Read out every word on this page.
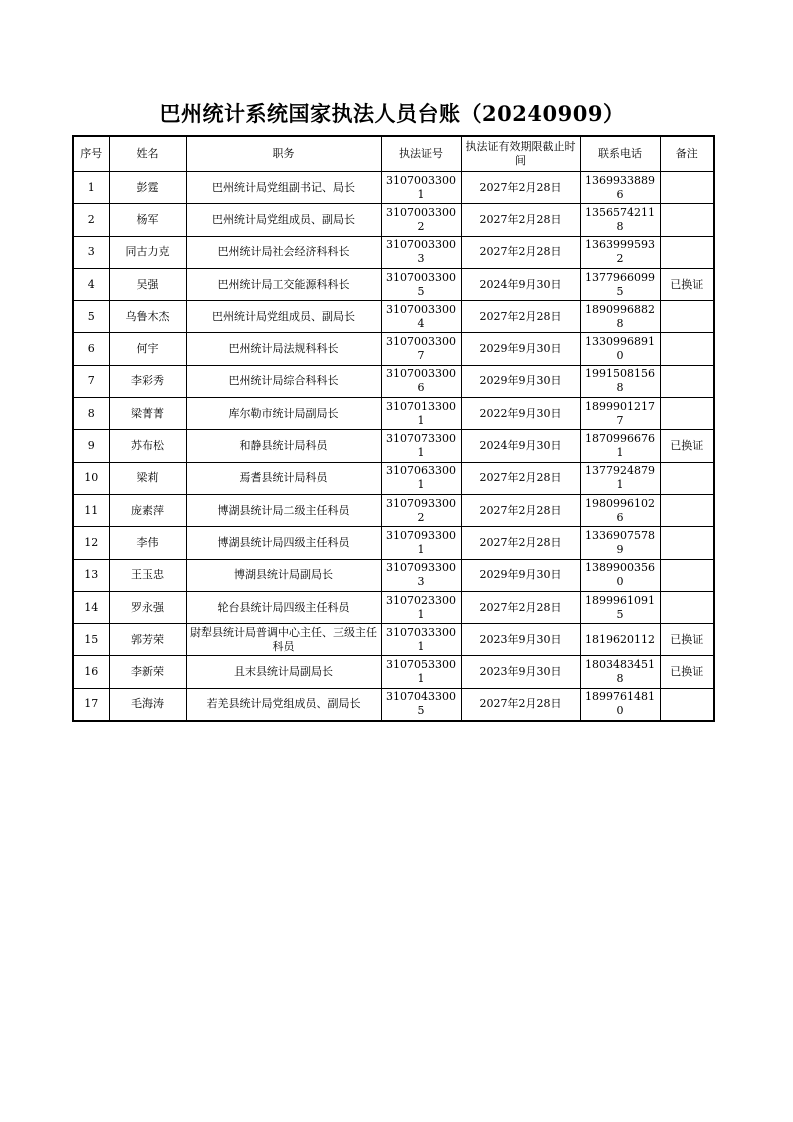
巴州统计系统国家执法人员台账（20240909）
序号	姓名	职务	执法证号	执法证有效期限截止时间	联系电话	备注
1	彭霆	巴州统计局党组副书记、局长	31070033001	2027年2月28日	13699338896	
2	杨军	巴州统计局党组成员、副局长	31070033002	2027年2月28日	13565742118	
3	同古力克	巴州统计局社会经济科科长	31070033003	2027年2月28日	13639995932	
4	吴强	巴州统计局工交能源科科长	31070033005	2024年9月30日	13779660995	已换证
5	乌鲁木杰	巴州统计局党组成员、副局长	31070033004	2027年2月28日	18909968828	
6	何宇	巴州统计局法规科科长	31070033007	2029年9月30日	13309968910	
7	李彩秀	巴州统计局综合科科长	31070033006	2029年9月30日	19915081568	
8	梁菁菁	库尔勒市统计局副局长	31070133001	2022年9月30日	18999012177	
9	苏布松	和静县统计局科员	31070733001	2024年9月30日	18709966761	已换证
10	梁莉	焉耆县统计局科员	31070633001	2027年2月28日	13779248791	
11	庞素萍	博湖县统计局二级主任科员	31070933002	2027年2月28日	19809961026	
12	李伟	博湖县统计局四级主任科员	31070933001	2027年2月28日	13369075789	
13	王玉忠	博湖县统计局副局长	31070933003	2029年9月30日	13899003560	
14	罗永强	轮台县统计局四级主任科员	31070233001	2027年2月28日	18999610915	
15	郭芳荣	尉犁县统计局普调中心主任、三级主任科员	31070333001	2023年9月30日	1819620112	已换证
16	李新荣	且末县统计局副局长	31070533001	2023年9月30日	18034834518	已换证
17	毛海涛	若羌县统计局党组成员、副局长	31070433005	2027年2月28日	18997614810	
